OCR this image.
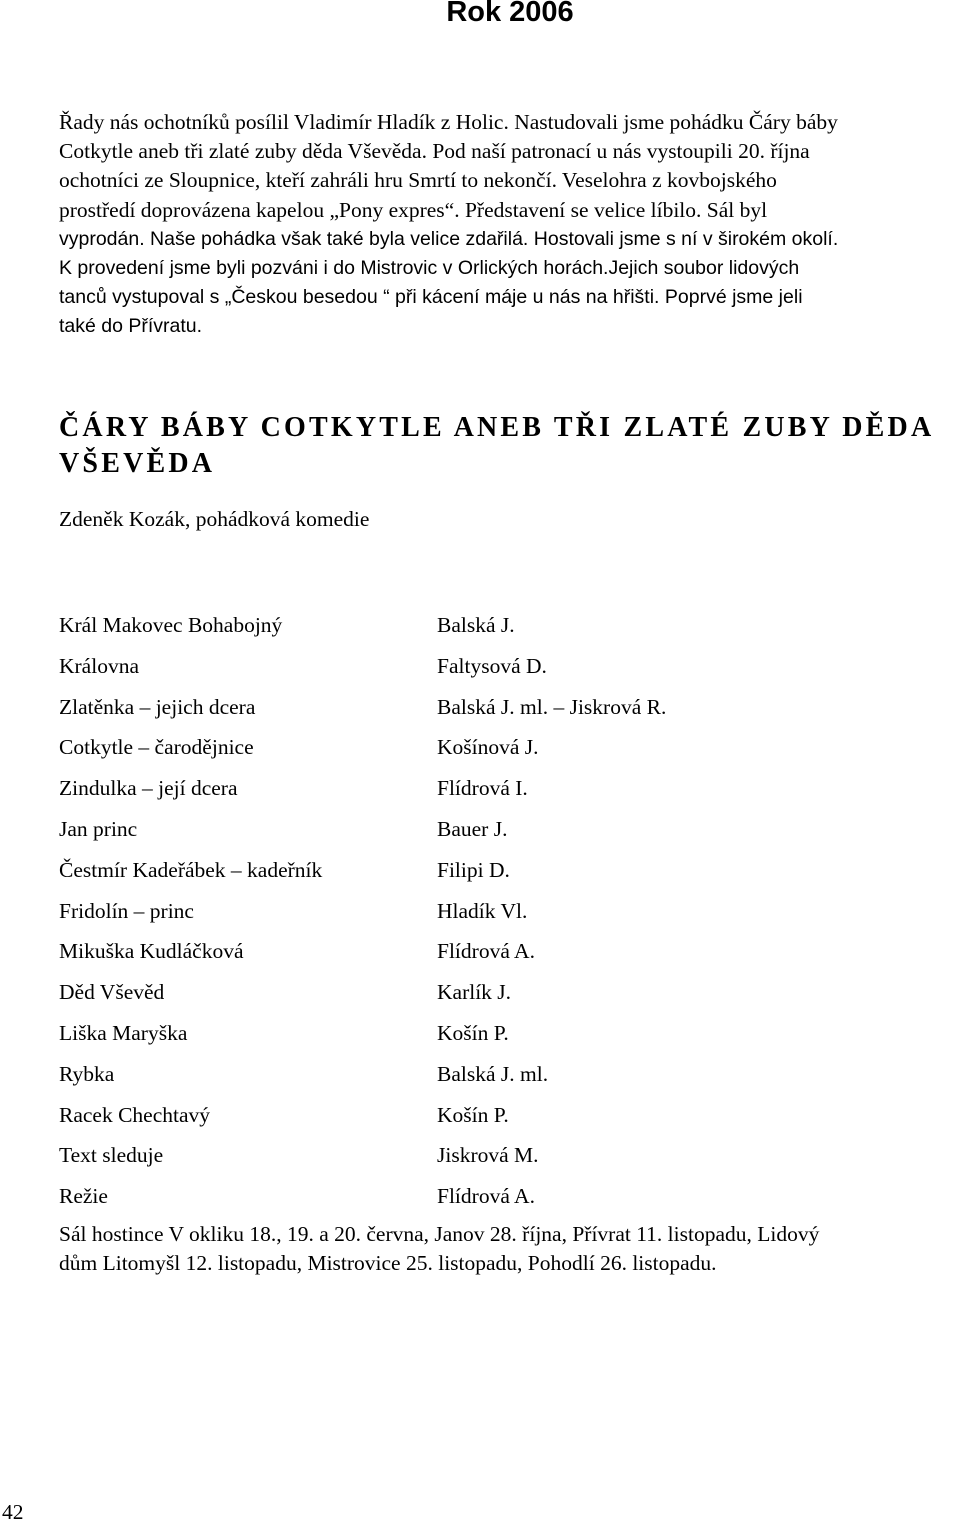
Rok 2006
Řady nás ochotníků posílil Vladimír Hladík z Holic. Nastudovali jsme pohádku Čáry báby
Cotkytle aneb tři zlaté zuby děda Vševěda. Pod naší patronací u nás vystoupili 20. října
ochotníci ze Sloupnice, kteří zahráli hru Smrtí to nekončí. Veselohra z kovbojského
prostředí doprovázena kapelou „Pony expres“. Představení se velice líbilo. Sál byl
vyprodán. Naše pohádka však také byla velice zdařilá. Hostovali jsme s ní v širokém okolí.
K provedení jsme byli pozváni i do Mistrovic v Orlických horách.Jejich soubor lidových
tanců vystupoval s „Českou besedou “ při kácení máje u nás na hřišti. Poprvé jsme jeli
také do Přívratu.
ČÁRY BÁBY COTKYTLE ANEB TŘI ZLATÉ ZUBY DĚDA
VŠEVĚDA
Zdeněk Kozák, pohádková komedie
Král Makovec Bohabojný	Balská J.
Královna	Faltysová D.
Zlatěnka – jejich dcera	Balská J. ml. – Jiskrová R.
Cotkytle – čarodějnice	Košínová J.
Zindulka – její dcera	Flídrová I.
Jan princ	Bauer J.
Čestmír Kadeřábek – kadeřník	Filipi D.
Fridolín – princ	Hladík Vl.
Mikuška Kudláčková	Flídrová A.
Děd Vševěd	Karlík J.
Liška Maryška	Košín P.
Rybka	Balská J. ml.
Racek Chechtavý	Košín P.
Text sleduje	Jiskrová M.
Režie	Flídrová A.
Sál hostince V okliku 18., 19. a 20. června, Janov 28. října, Přívrat 11. listopadu, Lidový
dům Litomyšl 12. listopadu, Mistrovice 25. listopadu, Pohodlí 26. listopadu.
42
